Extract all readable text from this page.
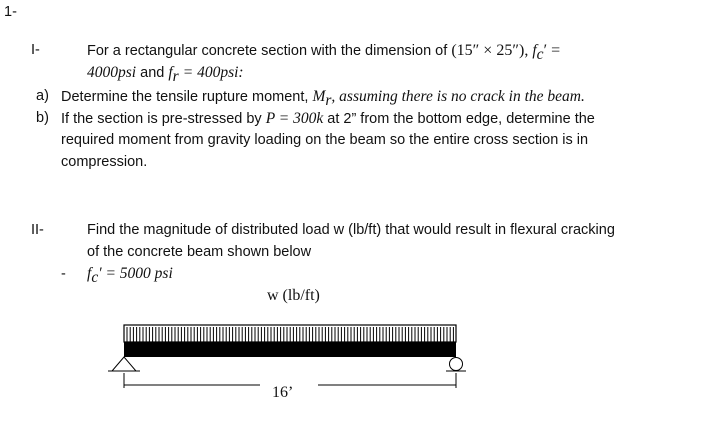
1-
I-	For a rectangular concrete section with the dimension of (15″ × 25″), $f_c'$ =
4000psi and $f_r = 400psi$:
a) Determine the tensile rupture moment, $M_r$, assuming there is no crack in the beam.
b) If the section is pre-stressed by P = 300k at 2” from the bottom edge, determine the
required moment from gravity loading on the beam so the entire cross section is in
compression.
II-	Find the magnitude of distributed load w (lb/ft) that would result in flexural cracking
of the concrete beam shown below
- $f_c' = 5000$ psi
w (lb/ft)
16’
